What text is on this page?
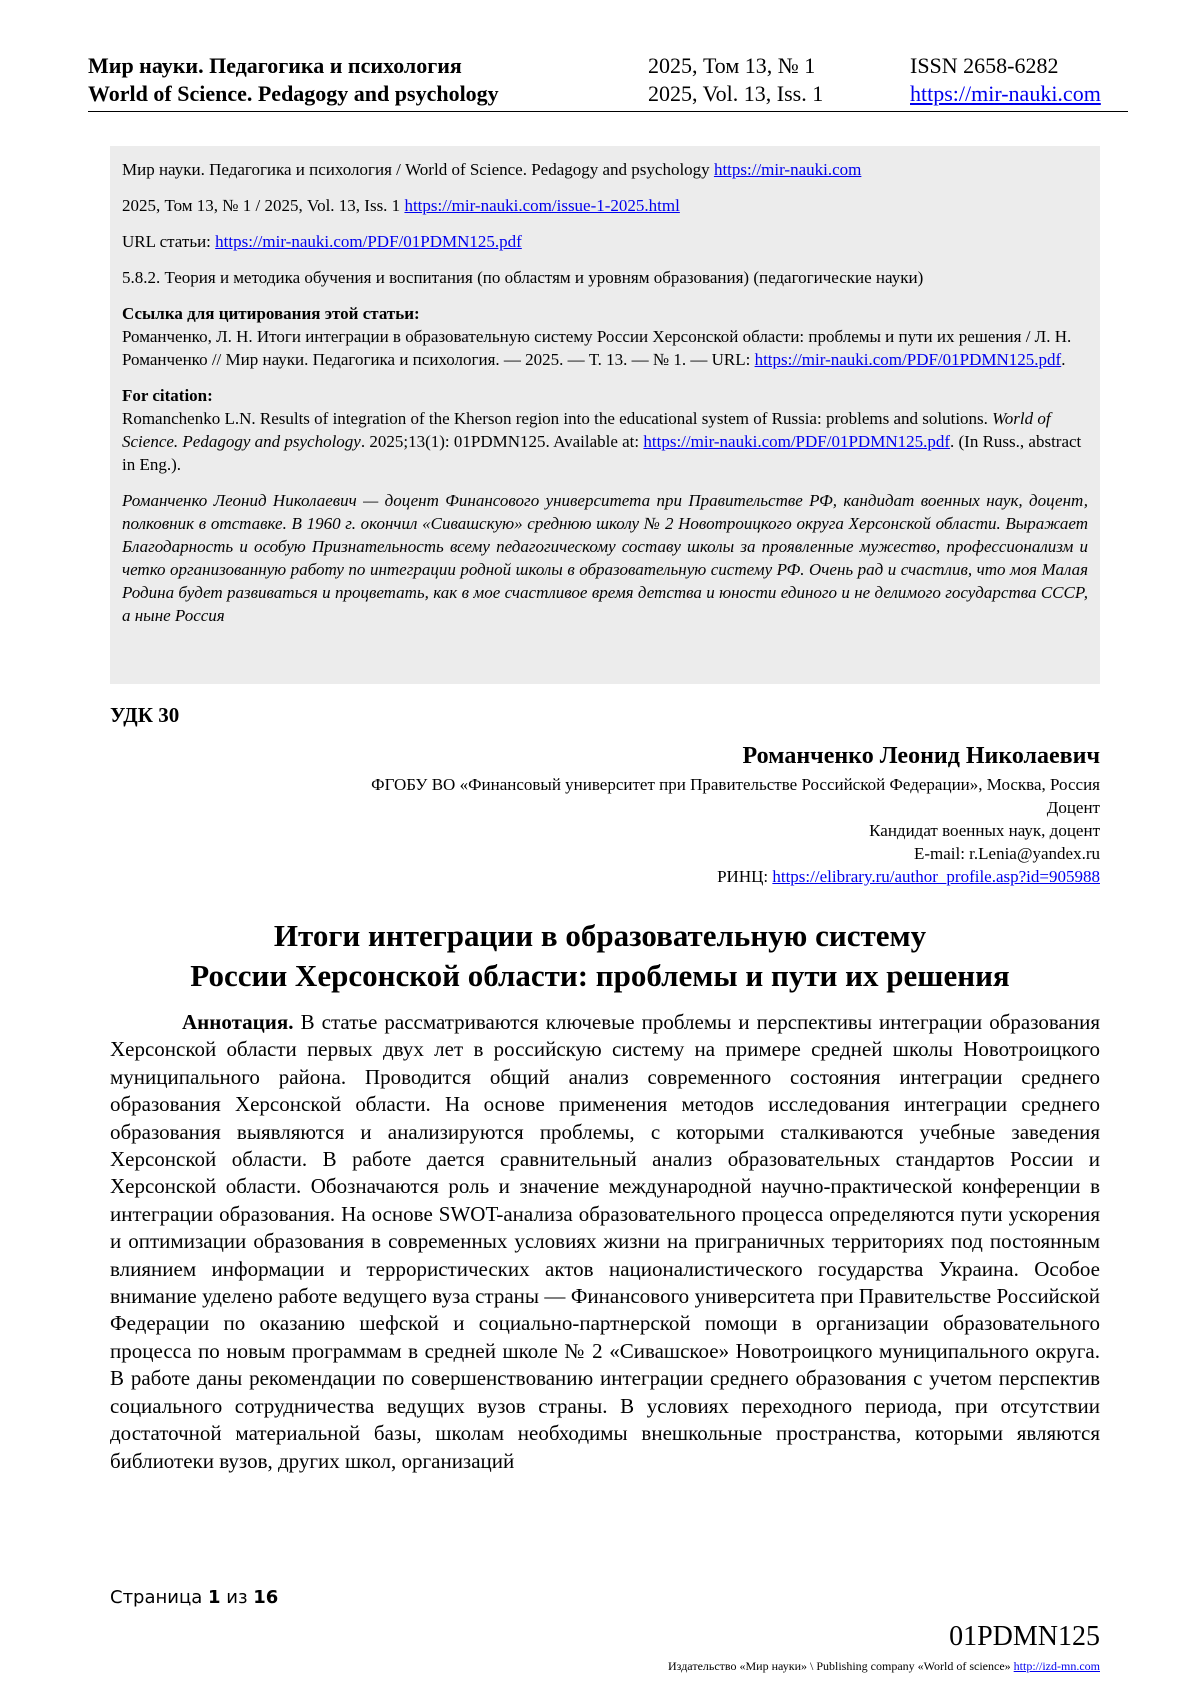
Мир науки. Педагогика и психология
World of Science. Pedagogy and psychology
2025, Том 13, № 1
2025, Vol. 13, Iss. 1
ISSN 2658-6282
https://mir-nauki.com

Мир науки. Педагогика и психология / World of Science. Pedagogy and psychology https://mir-nauki.com

2025, Том 13, № 1 / 2025, Vol. 13, Iss. 1 https://mir-nauki.com/issue-1-2025.html

URL статьи: https://mir-nauki.com/PDF/01PDMN125.pdf

5.8.2. Теория и методика обучения и воспитания (по областям и уровням образования) (педагогические науки)

Ссылка для цитирования этой статьи:

Романченко, Л. Н. Итоги интеграции в образовательную систему России Херсонской области: проблемы и пути их решения / Л. Н. Романченко // Мир науки. Педагогика и психология. — 2025. — Т. 13. — № 1. — URL: https://mir-nauki.com/PDF/01PDMN125.pdf.

For citation:

Romanchenko L.N. Results of integration of the Kherson region into the educational system of Russia: problems and solutions. World of Science. Pedagogy and psychology. 2025;13(1): 01PDMN125. Available at: https://mir-nauki.com/PDF/01PDMN125.pdf. (In Russ., abstract in Eng.).

Романченко Леонид Николаевич — доцент Финансового университета при Правительстве РФ, кандидат военных наук, доцент, полковник в отставке. В 1960 г. окончил «Сивашскую» среднюю школу № 2 Новотроицкого округа Херсонской области. Выражает Благодарность и особую Признательность всему педагогическому составу школы за проявленные мужество, профессионализм и четко организованную работу по интеграции родной школы в образовательную систему РФ. Очень рад и счастлив, что моя Малая Родина будет развиваться и процветать, как в мое счастливое время детства и юности единого и не делимого государства СССР, а ныне Россия

УДК 30
Романченко Леонид Николаевич
ФГОБУ ВО «Финансовый университет при Правительстве Российской Федерации», Москва, Россия
Доцент
Кандидат военных наук, доцент
E-mail: r.Lenia@yandex.ru
РИНЦ: https://elibrary.ru/author_profile.asp?id=905988
Итоги интеграции в образовательную систему
России Херсонской области: проблемы и пути их решения
Аннотация. В статье рассматриваются ключевые проблемы и перспективы интеграции образования Херсонской области первых двух лет в российскую систему на примере средней школы Новотроицкого муниципального района. Проводится общий анализ современного состояния интеграции среднего образования Херсонской области. На основе применения методов исследования интеграции среднего образования выявляются и анализируются проблемы, с которыми сталкиваются учебные заведения Херсонской области. В работе дается сравнительный анализ образовательных стандартов России и Херсонской области. Обозначаются роль и значение международной научно-практической конференции в интеграции образования. На основе SWOT-анализа образовательного процесса определяются пути ускорения и оптимизации образования в современных условиях жизни на приграничных территориях под постоянным влиянием информации и террористических актов националистического государства Украина. Особое внимание уделено работе ведущего вуза страны — Финансового университета при Правительстве Российской Федерации по оказанию шефской и социально-партнерской помощи в организации образовательного процесса по новым программам в средней школе № 2 «Сивашское» Новотроицкого муниципального округа. В работе даны рекомендации по совершенствованию интеграции среднего образования с учетом перспектив социального сотрудничества ведущих вузов страны. В условиях переходного периода, при отсутствии достаточной материальной базы, школам необходимы внешкольные пространства, которыми являются библиотеки вузов, других школ, организаций
Страница 1 из 16
01PDMN125
Издательство «Мир науки» \ Publishing company «World of science» http://izd-mn.com
